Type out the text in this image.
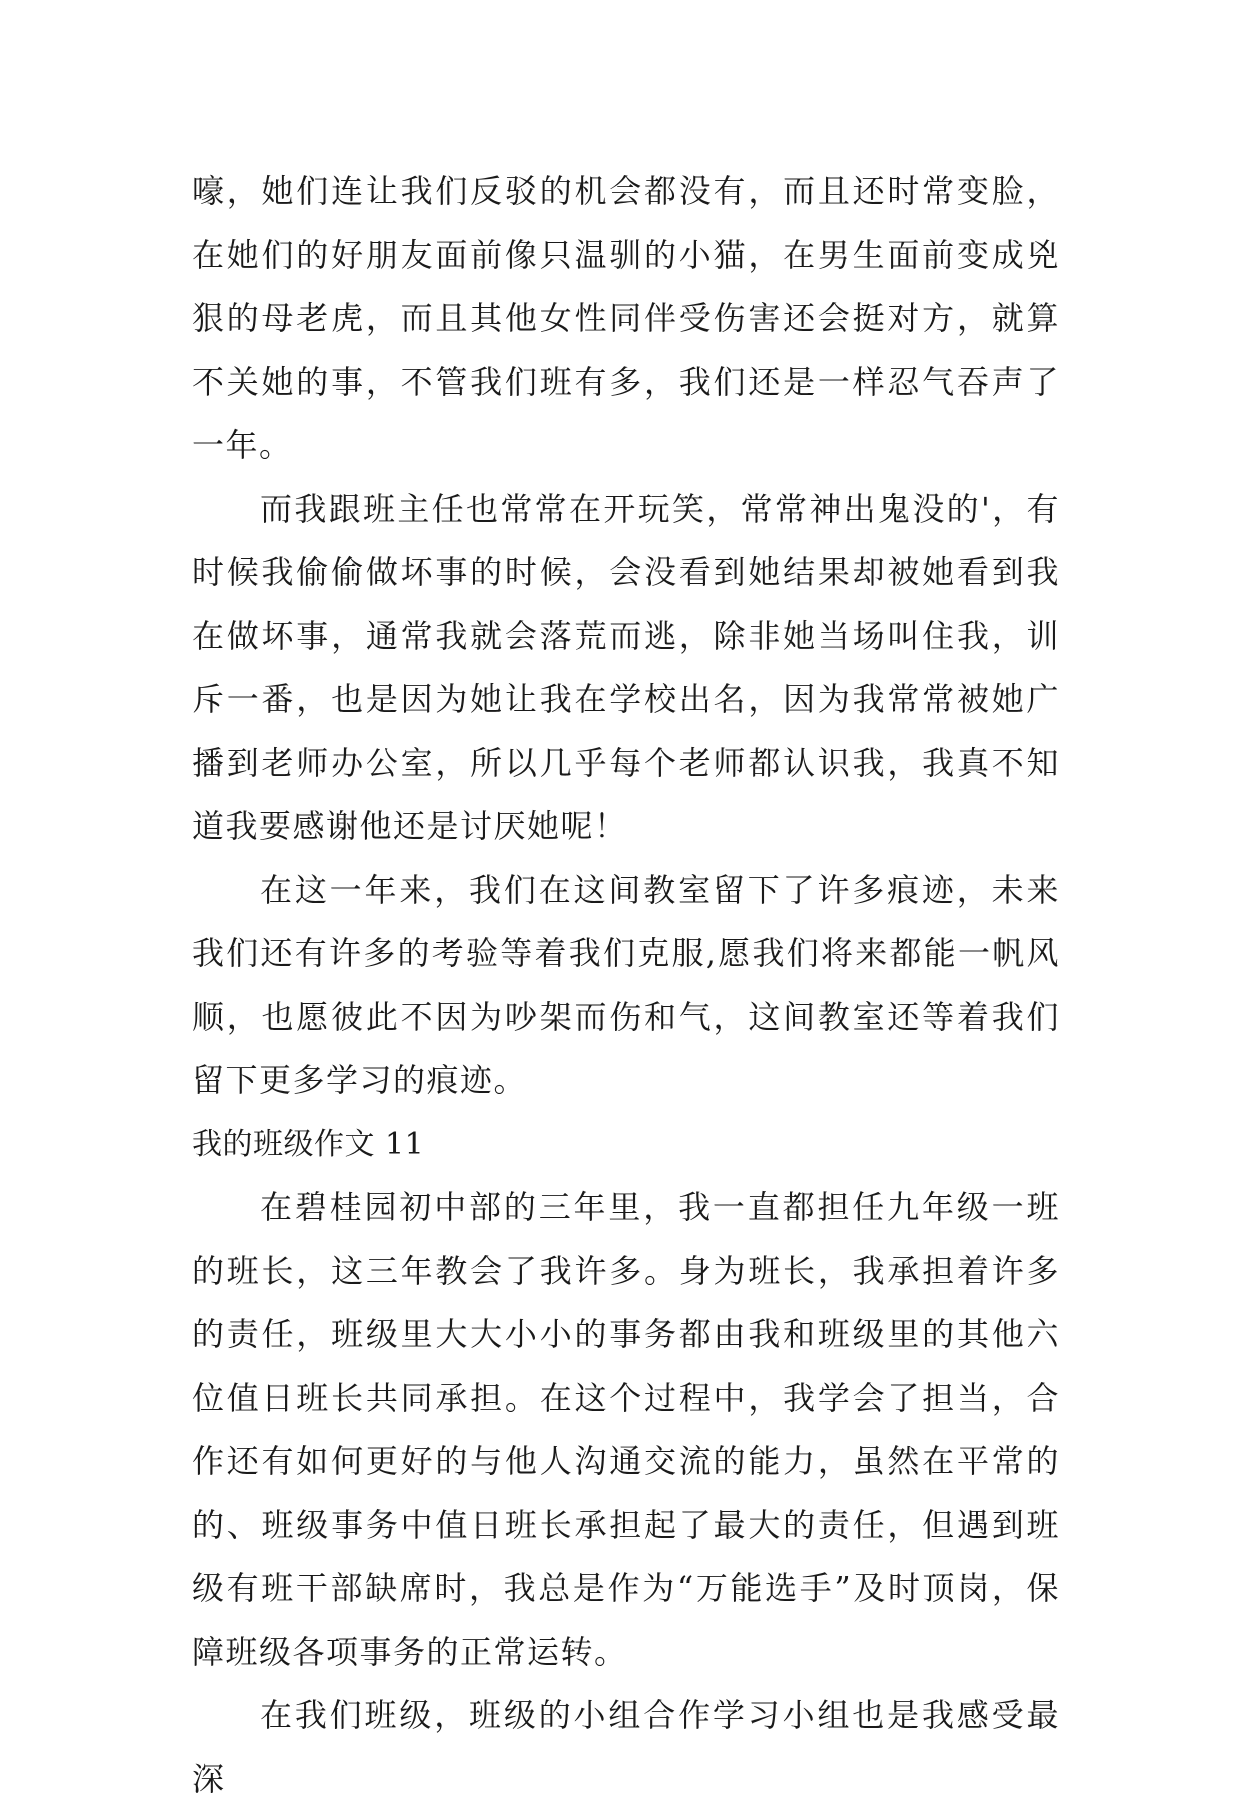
嚎，她们连让我们反驳的机会都没有，而且还时常变脸，在她们的好朋友面前像只温驯的小猫，在男生面前变成兇狠的母老虎，而且其他女性同伴受伤害还会挺对方，就算不关她的事，不管我们班有多，我们还是一样忍气吞声了一年。

而我跟班主任也常常在开玩笑，常常神出鬼没的'，有时候我偷偷做坏事的时候，会没看到她结果却被她看到我在做坏事，通常我就会落荒而逃，除非她当场叫住我，训斥一番，也是因为她让我在学校出名，因为我常常被她广播到老师办公室，所以几乎每个老师都认识我，我真不知道我要感谢他还是讨厌她呢！

在这一年来，我们在这间教室留下了许多痕迹，未来我们还有许多的考验等着我们克服,愿我们将来都能一帆风顺，也愿彼此不因为吵架而伤和气，这间教室还等着我们留下更多学习的痕迹。

我的班级作文 11

在碧桂园初中部的三年里，我一直都担任九年级一班的班长，这三年教会了我许多。身为班长，我承担着许多的责任，班级里大大小小的事务都由我和班级里的其他六位值日班长共同承担。在这个过程中，我学会了担当，合作还有如何更好的与他人沟通交流的能力，虽然在平常的的、班级事务中值日班长承担起了最大的责任，但遇到班级有班干部缺席时，我总是作为“万能选手”及时顶岗，保障班级各项事务的正常运转。

在我们班级，班级的小组合作学习小组也是我感受最深
